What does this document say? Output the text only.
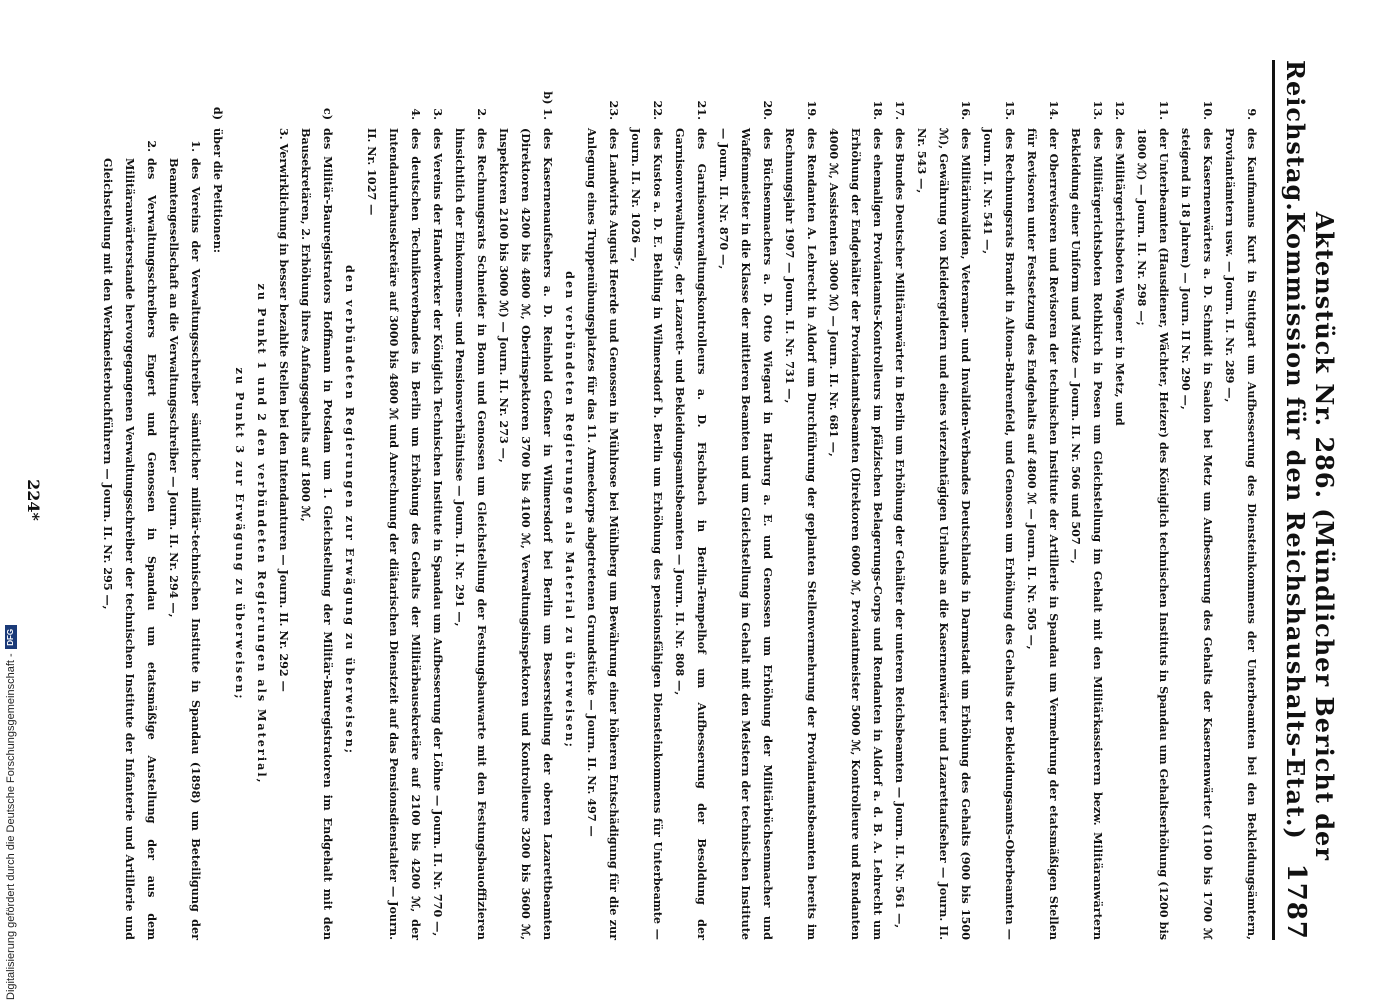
Reichstag.
Aktenstück Nr. 286. (Mündlicher Bericht der Kommission für den Reichshaushalts-Etat.)
1787
9.
des Kaufmanns Kurt in Stuttgart um Aufbesserung des Diensteinkommens der Unterbeamten bei den Bekleidungsämtern, Proviantämtern usw. — Journ. II. Nr. 289 —,
10.
des Kasernenwärters a. D. Schmidt in Saalon bei Metz um Aufbesserung des Gehalts der Kasernenwärter (1100 bis 1700 ℳ steigend in 18 Jahren) — Journ. II Nr. 290 —,
11.
der Unterbeamten (Hausdiener, Wächter, Heizer) des Königlich technischen Instituts in Spandau um Gehaltserhöhung (1200 bis 1800 ℳ) — Journ. II. Nr. 298 —;
12.
des Militärgerichtsboten Wagener in Metz, und
13.
des Militärgerichtsboten Rothkirch in Posen um Gleichstellung im Gehalt mit den Militärkassierern bezw. Militäranwärtern Bekleidung einer Uniform und Mütze — Journ. II. Nr. 506 und 507 —,
14.
der Oberrevisoren und Revisoren der technischen Institute der Artillerie in Spandau um Vermehrung der etatsmäßigen Stellen für Revisoren unter Festsetzung des Endgehalts auf 4800 ℳ — Journ. II. Nr. 505 —,
15.
des Rechnungsrats Brandt in Altona-Bahrenfeld, und Genossen um Erhöhung des Gehalts der Bekleidungsamts-Oberbeamten — Journ. II. Nr. 541 —,
16.
des Militärinvaliden, Veteranen- und Invaliden-Verbandes Deutschlands in Darmstadt um Erhöhung des Gehalts (900 bis 1500 ℳ), Gewährung von Kleidergeldern und eines vierzehntägigen Urlaubs an die Kasernenwärter und Lazarettaufseher — Journ. II. Nr. 543 —,
17.
des Bundes Deutscher Militäranwärter in Berlin um Erhöhung der Gehälter der unteren Reichsbeamten — Journ. II. Nr. 561 —,
18.
des ehemaligen Proviantamts-Kontrolleurs im pfälzischen Belagerungs-Corps und Rendanten in Aldorf a. d. B. A. Lehrecht um Erhöhung der Endgehälter der Proviantamtsbeamten (Direktoren 6000 ℳ, Proviantmeister 5000 ℳ, Kontrolleure und Rendanten 4000 ℳ, Assistenten 3000 ℳ) — Journ. II. Nr. 681 —,
19.
des Rendanten A. Lehrecht in Aldorf um Durchführung der geplanten Stellenvermehrung der Proviantamtsbeamten bereits im Rechnungsjahr 1907 — Journ. II. Nr. 731 —,
20.
des Büchsenmachers a. D. Otto Wiegard in Harburg a. E. und Genossen um Erhöhung der Militärbüchsenmacher und Waffenmeister in die Klasse der mittleren Beamten und um Gleichstellung im Gehalt mit den Meistern der technischen Institute — Journ. II. Nr. 870 —,
21.
des Garnisonverwaltungskontrolleurs a. D. Fischbach in Berlin-Tempelhof um Aufbesserung der Besoldung der Garnisonverwaltungs-, der Lazarett- und Bekleidungsamtsbeamten — Journ. II. Nr. 808 —,
22.
des Kustos a. D. E. Behling in Wilmersdorf b. Berlin um Erhöhung des pensionsfähigen Diensteinkommens für Unterbeamte — Journ. II. Nr. 1026 —,
23.
des Landwirts August Heerde und Genossen in Mühlrose bei Mühlberg um Bewährung einer höheren Entschädigung für die zur Anlegung eines Truppenübungsplatzes für das 11. Armeekorps abgetretenen Grundstücke — Journ. II. Nr. 497 —
den verbündeten Regierungen als Material zu überweisen;
b) 1.
des Kasernenaufsehers a. D. Reinhold Geßner in Wilmersdorf bei Berlin um Besserstellung der oberen Lazarettbeamten (Direktoren 4200 bis 4800 ℳ, Oberinspektoren 3700 bis 4100 ℳ, Verwaltungsinspektoren und Kontrolleure 3200 bis 3600 ℳ, Inspektoren 2100 bis 3000 ℳ) — Journ. II. Nr. 273 —,
2.
des Rechnungsrats Schneider in Bonn und Genossen um Gleichstellung der Festungsbauwarte mit den Festungsbauoffizieren hinsichtlich der Einkommens- und Pensionsverhältnisse — Journ. II. Nr. 291 —,
3.
des Vereins der Handwerker der Königlich Technischen Institute in Spandau um Aufbesserung der Löhne — Journ. II. Nr. 770 —,
4.
des deutschen Technikerverbandes in Berlin um Erhöhung des Gehalts der Militärbausekretäre auf 2100 bis 4200 ℳ, der Intendanturbausekretäre auf 3000 bis 4800 ℳ und Anrechnung der diätarischen Dienstzeit auf das Pensionsdienstalter — Journ. II. Nr. 1027 —
den verbündeten Regierungen zur Erwägung zu überweisen;
c)
des Militär-Bauregistrators Hoffmann in Potsdam um 1. Gleichstellung der Militär-Bauregistratoren im Endgehalt mit den Bausekretären, 2. Erhöhung ihres Anfangsgehalts auf 1800 ℳ,
3. Verwirklichung in besser bezahlte Stellen bei den Intendanturen — Journ. II. Nr. 292 —
zu Punkt 1 und 2 den verbündeten Regierungen als Material,
zu Punkt 3 zur Erwägung zu überweisen;
d)
über die Petitionen:
1.
des Vereins der Verwaltungsschreiber sämtlicher militär-technischen Institute in Spandau (1898) um Beteiligung der Beamtengesellschaft an die Verwaltungsschreiber — Journ. II. Nr. 294 —,
2.
des Verwaltungsschreibers Engert und Genossen in Spandau um etatsmäßige Anstellung der aus dem Militäranwärterstande hervorgegangenen Verwaltungsschreiber der technischen Institute der Infanterie und Artillerie und Gleichstellung mit den Werkmeisterbuchführern — Journ. II. Nr. 295 —,
224*
Digitalisierung gefördert durch die Deutsche Forschungsgemeinschaft -
DFG
